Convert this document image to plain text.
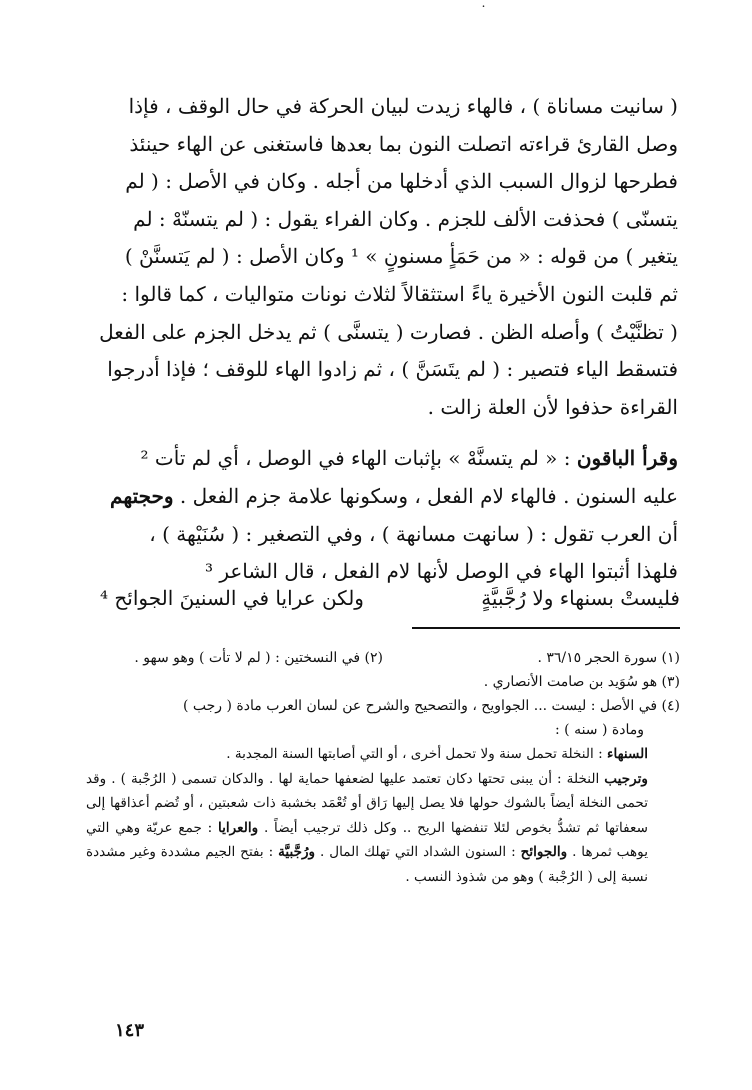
˙

( سانيت مساناة ) ، فالهاء زيدت لبيان الحركة في حال الوقف ، فإذا

وصل القارئ قراءته اتصلت النون بما بعدها فاستغنى عن الهاء حينئذ

فطرحها لزوال السبب الذي أدخلها من أجله . وكان في الأصل : ( لم

يتسنّى ) فحذفت الألف للجزم . وكان الفراء يقول : ( لم يتسنّهْ : لم

يتغير ) من قوله : « من حَمَأٍ مسنونٍ » ¹ وكان الأصل : ( لم يَتسنَّنْ )

ثم قلبت النون الأخيرة ياءً استثقالاً لثلاث نونات متواليات ، كما قالوا :

( تظنَّيْتُ ) وأصله الظن . فصارت ( يتسنَّى ) ثم يدخل الجزم على الفعل

فتسقط الياء فتصير : ( لم يتَسَنَّ ) ، ثم زادوا الهاء للوقف ؛ فإذا أدرجوا

القراءة حذفوا لأن العلة زالت .

وقرأ الباقون : « لم يتسنَّهْ » بإثبات الهاء في الوصل ، أي لم تأت ²

عليه السنون . فالهاء لام الفعل ، وسكونها علامة جزم الفعل . وحجتهم

أن العرب تقول : ( سانهت مسانهة ) ، وفي التصغير : ( سُنَيْهة ) ،

فلهذا أثبتوا الهاء في الوصل لأنها لام الفعل ، قال الشاعر ³

فليستْ بسنهاء ولا رُجَّبيَّةٍ
ولكن عرايا في السنينَ الجوائح ⁴
(١) سورة الحجر ٣٦/١٥ .
(٢) في النسختين : ( لم لا تأت ) وهو سهو .
(٣) هو سُوَيد بن صامت الأنصاري .
(٤) في الأصل : ليست ... الجواويح ، والتصحيح والشرح عن لسان العرب مادة ( رجب )
ومادة ( سنه ) :
السنهاء : النخلة تحمل سنة ولا تحمل أخرى ، أو التي أصابتها السنة المجدبة .
وترجيب النخلة : أن يبنى تحتها دكان تعتمد عليها لضعفها حماية لها . والدكان تسمى ( الرُجْبة ) . وقد تحمى النخلة أيضاً بالشوك حولها فلا يصل إليها رَاق أو تُعْمَد بخشبة ذات شعبتين ، أو تُضم أعذاقها إلى سعفاتها ثم تشدُّ بخوص لئلا تنفضها الريح .. وكل ذلك ترجيب أيضاً . والعرايا : جمع عريّة وهي التي يوهب ثمرها . والجوائح : السنون الشداد التي تهلك المال . ورُجَّبيَّة : بفتح الجيم مشددة وغير مشددة نسبة إلى ( الرُجْبة ) وهو من شذوذ النسب .
١٤٣
